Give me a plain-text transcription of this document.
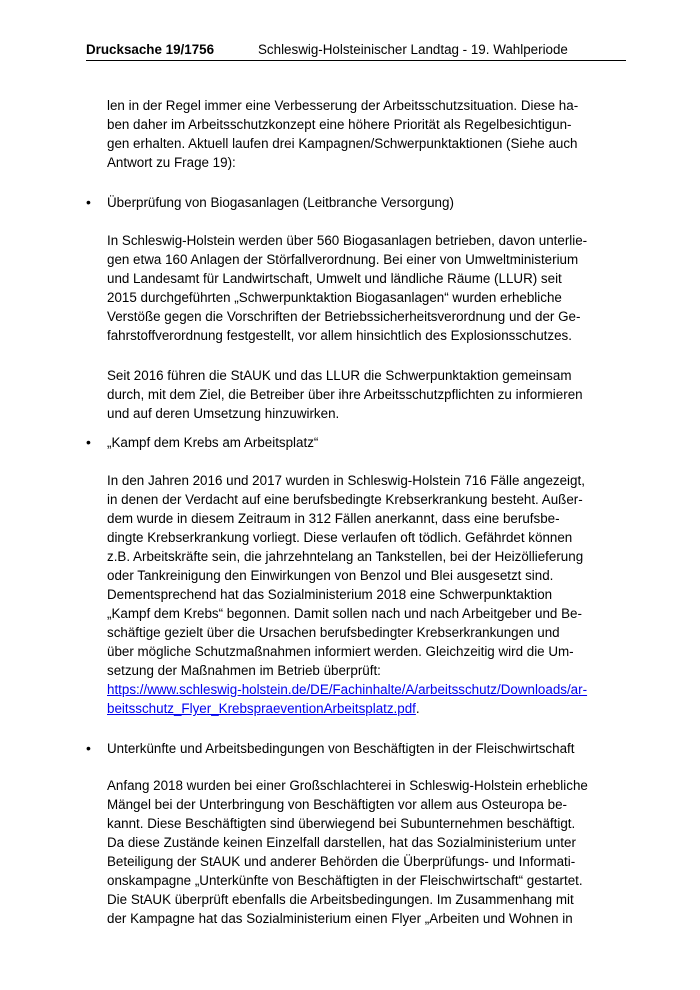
Drucksache 19/1756	Schleswig-Holsteinischer Landtag - 19. Wahlperiode
len in der Regel immer eine Verbesserung der Arbeitsschutzsituation. Diese ha-
ben daher im Arbeitsschutzkonzept eine höhere Priorität als Regelbesichtigun-
gen erhalten. Aktuell laufen drei Kampagnen/Schwerpunktaktionen (Siehe auch
Antwort zu Frage 19):
• Überprüfung von Biogasanlagen (Leitbranche Versorgung)
In Schleswig-Holstein werden über 560 Biogasanlagen betrieben, davon unterlie-
gen etwa 160 Anlagen der Störfallverordnung. Bei einer von Umweltministerium
und Landesamt für Landwirtschaft, Umwelt und ländliche Räume (LLUR) seit
2015 durchgeführten „Schwerpunktaktion Biogasanlagen“ wurden erhebliche
Verstöße gegen die Vorschriften der Betriebssicherheitsverordnung und der Ge-
fahrstoffverordnung festgestellt, vor allem hinsichtlich des Explosionsschutzes.
Seit 2016 führen die StAUK und das LLUR die Schwerpunktaktion gemeinsam
durch, mit dem Ziel, die Betreiber über ihre Arbeitsschutzpflichten zu informieren
und auf deren Umsetzung hinzuwirken.
• „Kampf dem Krebs am Arbeitsplatz“
In den Jahren 2016 und 2017 wurden in Schleswig-Holstein 716 Fälle angezeigt,
in denen der Verdacht auf eine berufsbedingte Krebserkrankung besteht. Außer-
dem wurde in diesem Zeitraum in 312 Fällen anerkannt, dass eine berufsbe-
dingte Krebserkrankung vorliegt. Diese verlaufen oft tödlich. Gefährdet können
z.B. Arbeitskräfte sein, die jahrzehntelang an Tankstellen, bei der Heizöllieferung
oder Tankreinigung den Einwirkungen von Benzol und Blei ausgesetzt sind.
Dementsprechend hat das Sozialministerium 2018 eine Schwerpunktaktion
„Kampf dem Krebs“ begonnen. Damit sollen nach und nach Arbeitgeber und Be-
schäftige gezielt über die Ursachen berufsbedingter Krebserkrankungen und
über mögliche Schutzmaßnahmen informiert werden. Gleichzeitig wird die Um-
setzung der Maßnahmen im Betrieb überprüft:
https://www.schleswig-holstein.de/DE/Fachinhalte/A/arbeitsschutz/Downloads/ar-
beitsschutz_Flyer_KrebspraeventionArbeitsplatz.pdf.
• Unterkünfte und Arbeitsbedingungen von Beschäftigten in der Fleischwirtschaft
Anfang 2018 wurden bei einer Großschlachterei in Schleswig-Holstein erhebliche
Mängel bei der Unterbringung von Beschäftigten vor allem aus Osteuropa be-
kannt. Diese Beschäftigten sind überwiegend bei Subunternehmen beschäftigt.
Da diese Zustände keinen Einzelfall darstellen, hat das Sozialministerium unter
Beteiligung der StAUK und anderer Behörden die Überprüfungs- und Informati-
onskampagne „Unterkünfte von Beschäftigten in der Fleischwirtschaft“ gestartet.
Die StAUK überprüft ebenfalls die Arbeitsbedingungen. Im Zusammenhang mit
der Kampagne hat das Sozialministerium einen Flyer „Arbeiten und Wohnen in
